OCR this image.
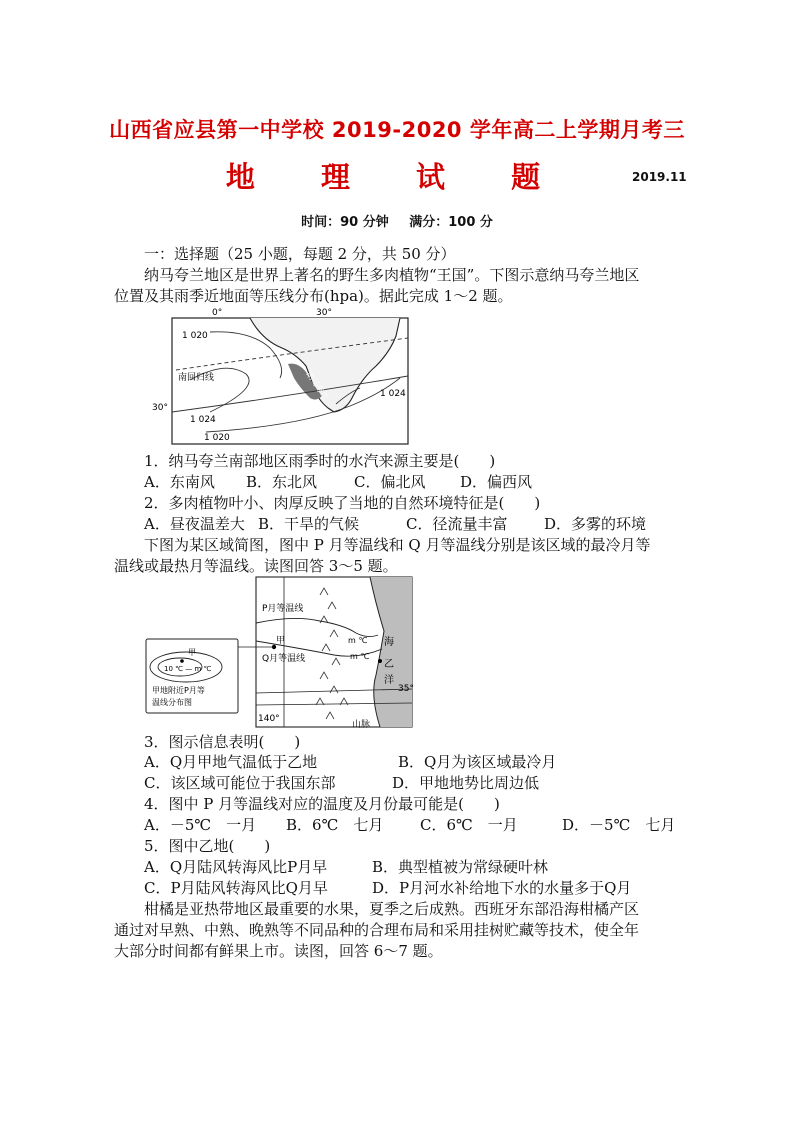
山西省应县第一中学校 2019-2020 学年高二上学期月考三
地 理 试 题	2019.11
时间：90 分钟 满分：100 分
一：选择题（25 小题，每题 2 分，共 50 分）
纳马夸兰地区是世界上著名的野生多肉植物“王国”。下图示意纳马夸兰地区
位置及其雨季近地面等压线分布(hpa)。据此完成 1～2 题。
0°	30°
30°
1 020
1 024
1 020
1 024
南回归线	纳马夸兰
1．纳马夸兰南部地区雨季时的水汽来源主要是(　　)
A．东南风 B．东北风 C．偏北风 D．偏西风
2．多肉植物叶小、肉厚反映了当地的自然环境特征是(　　)
A．昼夜温差大 B．干旱的气候	C．径流量丰富 D．多雾的环境
下图为某区域简图，图中 P 月等温线和 Q 月等温线分别是该区域的最冷月等
温线或最热月等温线。读图回答 3～5 题。
P月等温线
Q月等温线
甲	m ℃
m ℃
海
乙
洋
35°
140°
山脉
甲
10 ℃ — m ℃
甲地附近P月等
温线分布图
3．图示信息表明(　　)
A．Q月甲地气温低于乙地	B．Q月为该区域最冷月
C．该区域可能位于我国东部	D．甲地地势比周边低
4．图中 P 月等温线对应的温度及月份最可能是(　　)
A．－5℃　一月 B．6℃　七月 C．6℃　一月	D．－5℃　七月
5．图中乙地(　　)
A．Q月陆风转海风比P月早	B．典型植被为常绿硬叶林
C．P月陆风转海风比Q月早	D．P月河水补给地下水的水量多于Q月
柑橘是亚热带地区最重要的水果，夏季之后成熟。西班牙东部沿海柑橘产区
通过对早熟、中熟、晚熟等不同品种的合理布局和采用挂树贮藏等技术，使全年
大部分时间都有鲜果上市。读图，回答 6～7 题。
